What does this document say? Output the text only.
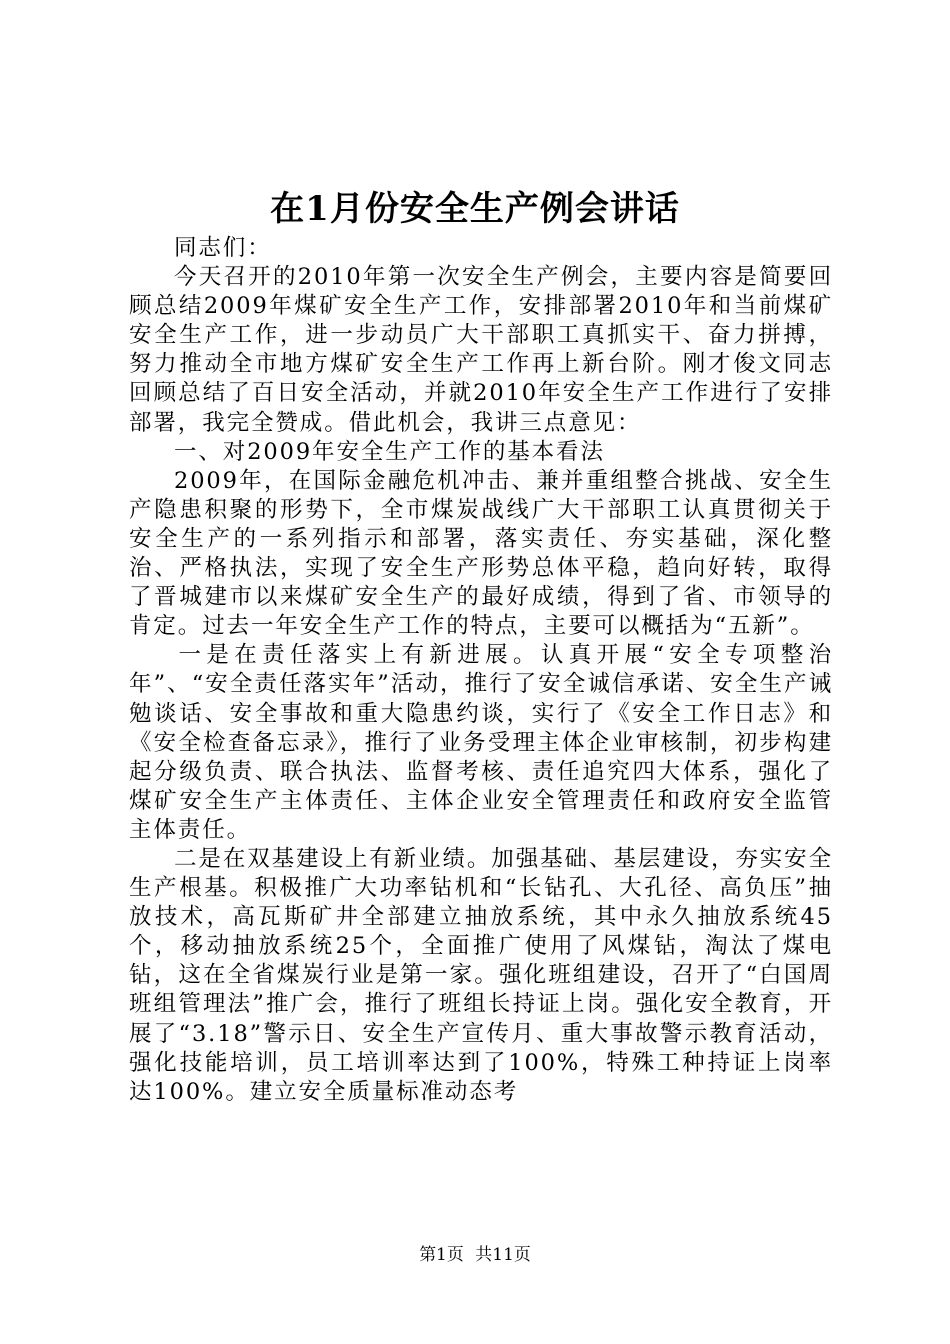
在1月份安全生产例会讲话

同志们：

今天召开的2010年第一次安全生产例会，主要内容是简要回顾总结2009年煤矿安全生产工作，安排部署2010年和当前煤矿安全生产工作，进一步动员广大干部职工真抓实干、奋力拼搏，努力推动全市地方煤矿安全生产工作再上新台阶。刚才俊文同志回顾总结了百日安全活动，并就2010年安全生产工作进行了安排部署，我完全赞成。借此机会，我讲三点意见：

一、对2009年安全生产工作的基本看法

2009年，在国际金融危机冲击、兼并重组整合挑战、安全生产隐患积聚的形势下，全市煤炭战线广大干部职工认真贯彻关于安全生产的一系列指示和部署，落实责任、夯实基础，深化整治、严格执法，实现了安全生产形势总体平稳，趋向好转，取得了晋城建市以来煤矿安全生产的最好成绩，得到了省、市领导的肯定。过去一年安全生产工作的特点，主要可以概括为“五新”。

一是在责任落实上有新进展。认真开展“安全专项整治年”、“安全责任落实年”活动，推行了安全诚信承诺、安全生产诫勉谈话、安全事故和重大隐患约谈，实行了《安全工作日志》和《安全检查备忘录》，推行了业务受理主体企业审核制，初步构建起分级负责、联合执法、监督考核、责任追究四大体系，强化了煤矿安全生产主体责任、主体企业安全管理责任和政府安全监管主体责任。

二是在双基建设上有新业绩。加强基础、基层建设，夯实安全生产根基。积极推广大功率钻机和“长钻孔、大孔径、高负压”抽放技术，高瓦斯矿井全部建立抽放系统，其中永久抽放系统45个，移动抽放系统25个，全面推广使用了风煤钻，淘汰了煤电钻，这在全省煤炭行业是第一家。强化班组建设，召开了“白国周班组管理法”推广会，推行了班组长持证上岗。强化安全教育，开展了“3.18”警示日、安全生产宣传月、重大事故警示教育活动，强化技能培训，员工培训率达到了100%，特殊工种持证上岗率达100%。建立安全质量标准动态考

第1页 共11页
